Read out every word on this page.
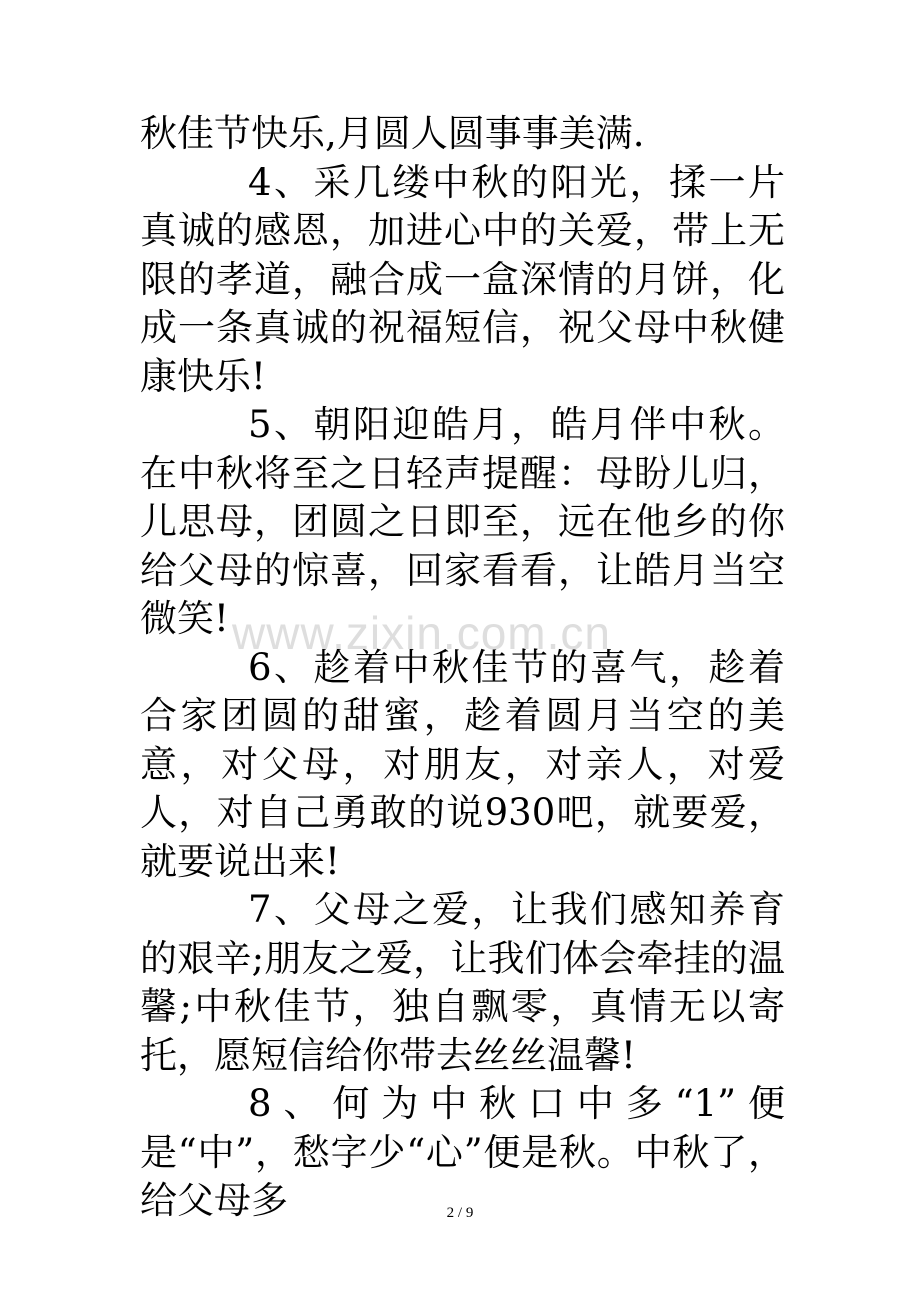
秋佳节快乐,月圆人圆事事美满.

4、采几缕中秋的阳光，揉一片真诚的感恩，加进心中的关爱，带上无限的孝道，融合成一盒深情的月饼，化成一条真诚的祝福短信，祝父母中秋健康快乐!

5、朝阳迎皓月，皓月伴中秋。在中秋将至之日轻声提醒：母盼儿归，儿思母，团圆之日即至，远在他乡的你给父母的惊喜，回家看看，让皓月当空微笑!

6、趁着中秋佳节的喜气，趁着合家团圆的甜蜜，趁着圆月当空的美意，对父母，对朋友，对亲人，对爱人，对自己勇敢的说930吧，就要爱，就要说出来!

7、父母之爱，让我们感知养育的艰辛;朋友之爱，让我们体会牵挂的温馨;中秋佳节，独自飘零，真情无以寄托，愿短信给你带去丝丝温馨!

8、何为中秋口中多“1”便是“中”，愁字少“心”便是秋。中秋了，给父母多

www.zixin.com.cn
2 / 9
